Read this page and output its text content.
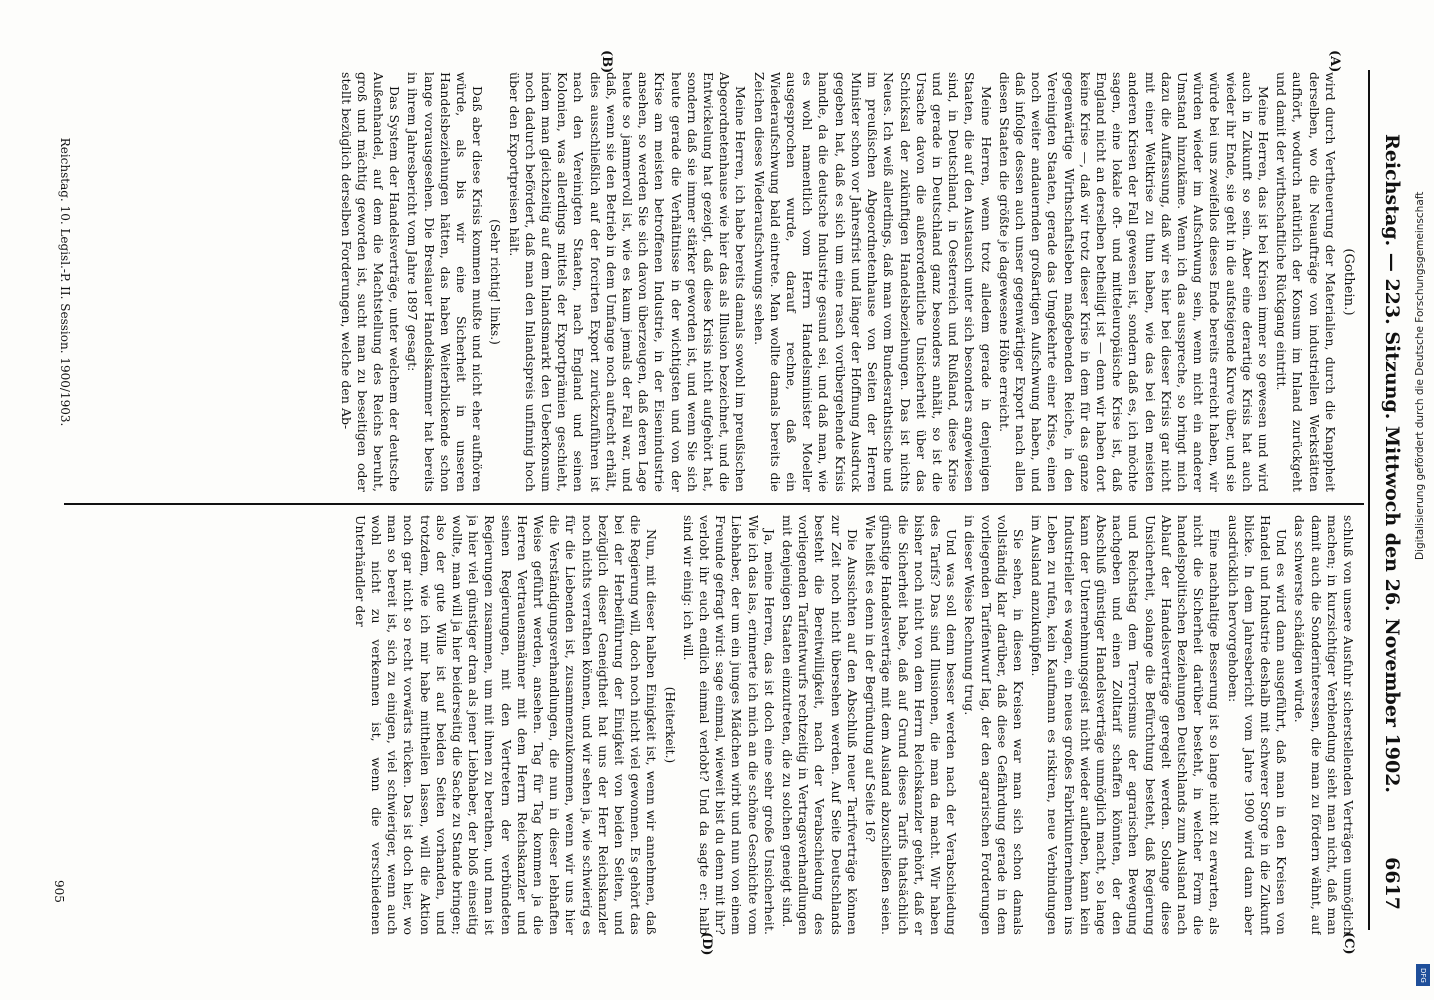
Reichstag. — 223. Sitzung. Mittwoch den 26. November 1902.
6617
(A)
(B)
(C)
(D)
(Gothein.)

wird durch Vertheuerung der Materialien, durch die Knappheit derselben, wo die Neuaufträge von industriellen Werkstätten aufhört, wodurch natürlich der Konsum im Inland zurückgeht und damit der wirthschaftliche Rückgang eintritt.

Meine Herren, das ist bei Krisen immer so gewesen und wird auch in Zukunft so sein. Aber eine derartige Krisis hat auch wieder ihr Ende, sie geht in die aufsteigende Kurve über, und sie würde bei uns zweifellos dieses Ende bereits erreicht haben, wir würden wieder im Aufschwung sein, wenn nicht ein anderer Umstand hinzukäme. Wenn ich das ausspreche, so bringt mich dazu die Auffassung, daß wir es hier bei dieser Krisis gar nicht mit einer Weltkrise zu thun haben, wie das bei den meisten anderen Krisen der Fall gewesen ist, sondern daß es, ich möchte sagen, eine lokale oft- und mitteleuropäische Krise ist, daß England nicht an derselben betheiligt ist — denn wir haben dort keine Krise —, daß wir trotz dieser Krise in dem für das ganze gegenwärtige Wirthschaftsleben maßgebenden Reiche, in den Vereinigten Staaten, gerade das Umgekehrte einer Krise, einen noch weiter andauernden großartigen Aufschwung haben, und daß infolge dessen auch unser gegenwärtiger Export nach allen diesen Staaten die größte je dagewesene Höhe erreicht.

Meine Herren, wenn trotz alledem gerade in denjenigen Staaten, die auf den Austausch unter sich besonders angewiesen sind, in Deutschland, in Oesterreich und Rußland, diese Krise und gerade in Deutschland ganz besonders anhält, so ist die Ursache davon die außerordentliche Unsicherheit über das Schicksal der zukünftigen Handelsbeziehungen. Das ist nichts Neues. Ich weiß allerdings, daß man vom Bundesrathstische und im preußischen Abgeordnetenhause von Seiten der Herren Minister schon vor Jahresfrist und länger der Hoffnung Ausdruck gegeben hat, daß es sich um eine rasch vorübergehende Krisis handle, da die deutsche Industrie gesund sei, und daß man, wie es wohl namentlich vom Herrn Handelsminister Moeller ausgesprochen wurde, darauf rechne, daß ein Wiederaufschwung bald eintrete. Man wollte damals bereits die Zeichen dieses Wiederaufschwungs sehen.

Meine Herren, ich habe bereits damals sowohl im preußischen Abgeordnetenhause wie hier das als Illusion bezeichnet, und die Entwickelung hat gezeigt, daß diese Krisis nicht aufgehört hat, sondern daß sie immer stärker geworden ist, und wenn Sie sich heute gerade die Verhältnisse in der wichtigsten und von der Krise am meisten betroffenen Industrie, in der Eisenindustrie ansehen, so werden Sie sich davon überzeugen, daß deren Lage heute so jammervoll ist, wie es kaum jemals der Fall war, und daß, wenn sie den Betrieb in dem Umfange noch aufrecht erhält, dies ausschließlich auf der forcirten Export zurückzuführen ist nach den Vereinigten Staaten, nach England und seinen Kolonien, was allerdings mittels der Exportprämien geschieht, indem man gleichzeitig auf dem Inlandsmarkt den Ueberkonsum noch dadurch befördert, daß man den Inlandspreis unfinnig hoch über den Exportpreisen hält.

(Sehr richtig! links.)

Daß aber diese Krisis kommen mußte und nicht eher aufhören würde, als bis wir eine Sicherheit in unseren Handelsbeziehungen hätten, das haben Weiterblickende schon lange vorausgesehen. Die Breslauer Handelskammer hat bereits in ihrem Jahresbericht vom Jahre 1897 gesagt:

Das System der Handelsverträge, unter welchem der deutsche Außenhandel, auf dem die Machtstellung des Reichs beruht, groß und mächtig geworden ist, sucht man zu beseitigen oder stellt bezüglich derselben Forderungen, welche den Ab-

schluß von unsere Ausfuhr sicherstellenden Verträgen unmöglich machen; in kurzsichtiger Verblendung sieht man nicht, daß man damit auch die Sonderinteressen, die man zu fördern wähnt, auf das schwerste schädigen würde.

Und es wird dann ausgeführt, daß man in den Kreisen von Handel und Industrie deshalb mit schwerer Sorge in die Zukunft blicke. In dem Jahresbericht vom Jahre 1900 wird dann aber ausdrücklich hervorgehoben:

Eine nachhaltige Besserung ist so lange nicht zu erwarten, als nicht die Sicherheit darüber besteht, in welcher Form die handelspolitischen Beziehungen Deutschlands zum Ausland nach Ablauf der Handelsverträge geregelt werden. Solange diese Unsicherheit, solange die Befürchtung besteht, daß Regierung und Reichstag dem Terrorismus der agrarischen Bewegung nachgeben und einen Zolltarif schaffen könnten, der den Abschluß günstiger Handelsverträge unmöglich macht, so lange kann der Unternehmungsgeist nicht wieder aufleben, kann kein Industrieller es wagen, ein neues großes Fabrikunternehmen ins Leben zu rufen, kein Kaufmann es riskiren, neue Verbindungen im Ausland anzuknüpfen.

Sie sehen, in diesen Kreisen war man sich schon damals vollständig klar darüber, daß diese Gefährdung gerade in dem vorliegenden Tarifentwurf lag, der den agrarischen Forderungen in dieser Weise Rechnung trug.

Und was soll denn besser werden nach der Verabschiedung des Tarifs? Das sind Illusionen, die man da macht. Wir haben bisher noch nicht von dem Herrn Reichskanzler gehört, daß er die Sicherheit habe, daß auf Grund dieses Tarifs thatsächlich günstige Handelsverträge mit dem Ausland abzuschließen seien. Wie heißt es denn in der Begründung auf Seite 16?

Die Aussichten auf den Abschluß neuer Tarifverträge können zur Zeit noch nicht übersehen werden. Auf Seite Deutschlands besteht die Bereitwilligkeit, nach der Verabschiedung des vorliegenden Tarifentwurfs rechtzeitig in Vertragsverhandlungen mit denjenigen Staaten einzutreten, die zu solchen geneigt sind.

Ja, meine Herren, das ist doch eine sehr große Unsicherheit. Wie ich das las, erinnerte ich mich an die schöne Geschichte vom Liebhaber, der um ein junges Mädchen wirbt und nun von einem Freunde gefragt wird: sage einmal, wieweit bist du denn mit ihr? verlobt ihr euch endlich einmal verlobt? Und da sagte er: halb sind wir einig: ich will.

(Heiterkeit.)

Nun, mit dieser halben Einigkeit ist, wenn wir annehmen, daß die Regierung will, doch noch nicht viel gewonnen. Es gehört das bei der Herbeiführung der Einigkeit von beiden Seiten, und bezüglich dieser Geneigtheit hat uns der Herr Reichskanzler noch nichts verrathen können, und wir sehen ja, wie schwierig es für die Liebenden ist, zusammenzukommen, wenn wir uns hier die Verständigungsverhandlungen, die nun in dieser lebhaften Weise geführt werden, ansehen. Tag für Tag kommen ja die Herren Vertrauensmänner mit dem Herrn Reichskanzler und seinen Regierungen, mit den Vertretern der verbündeten Regierungen zusammen, um mit ihnen zu berathen, und man ist ja hier viel günstiger dran als jener Liebhaber, der bloß einseitig wollte, man will ja hier beiderseitig die Sache zu Stande bringen; also der gute Wille ist auf beiden Seiten vorhanden, und trotzdem, wie ich mir habe mittheilen lassen, will die Aktion noch gar nicht so recht vorwärts rücken. Das ist doch hier, wo man so bereit ist, sich zu einigen, viel schwieriger, wenn auch wohl nicht zu verkennen ist, wenn die verschiedenen Unterhändler der

Reichstag. 10. Legisl.-P. II. Session. 1900/1903.
905
Digitalisierung gefördert durch die Deutsche Forschungsgemeinschaft
DFG
